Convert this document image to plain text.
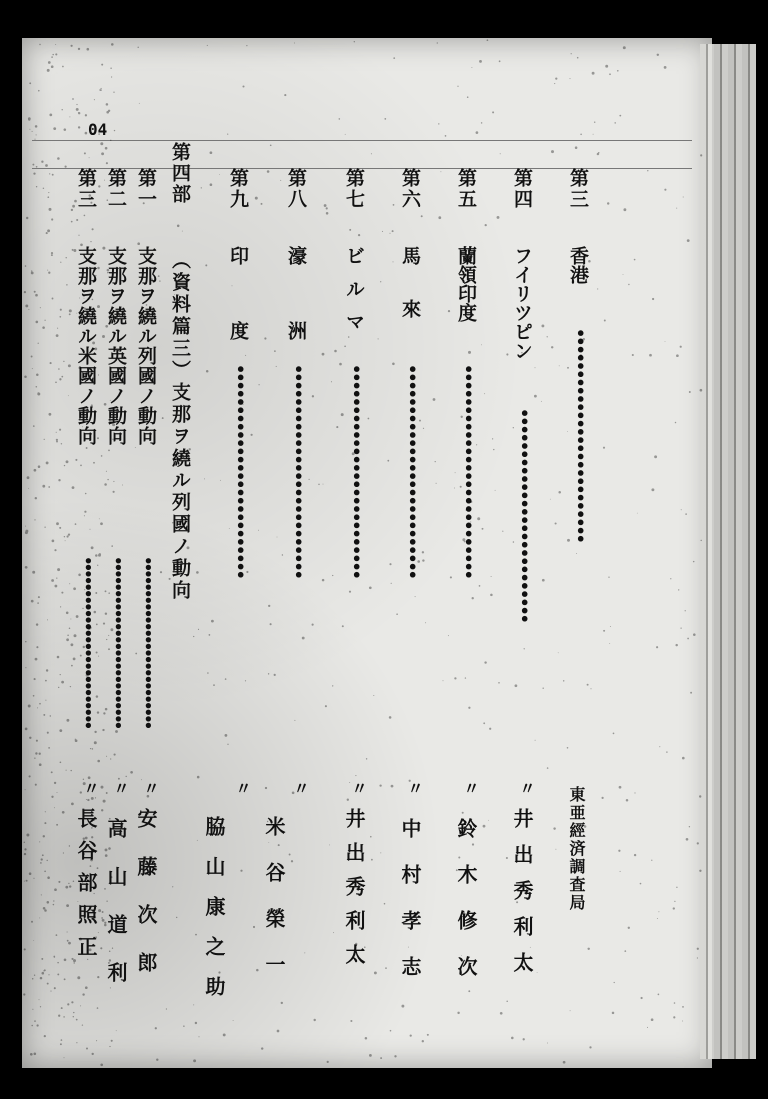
04
第三
香港
••••••••••••••••••••••••••
東亜經済調査局
第四
フイリツピン
••••••••••••••••••••••••••
〃
井出秀利太
第五
蘭領印度
••••••••••••••••••••••••••
〃
鈴木修次
第六
馬來
••••••••••••••••••••••••••
〃
中村孝志
第七
ビルマ
••••••••••••••••••••••••••
〃
井出秀利太
第八
濠洲
••••••••••••••••••••••••••
〃
第九
印度
••••••••••••••••••••••••••
〃
米谷榮一
脇山康之助
第四部
（資料篇三）支那ヲ繞ル列國ノ動向
第一
支那ヲ繞ル列國ノ動向
••••••••••••••••••••••••••
〃
安藤次郎
第二
支那ヲ繞ル英國ノ動向
••••••••••••••••••••••••••
〃
高山道利
第三
支那ヲ繞ル米國ノ動向
••••••••••••••••••••••••••
〃
長谷部照正
